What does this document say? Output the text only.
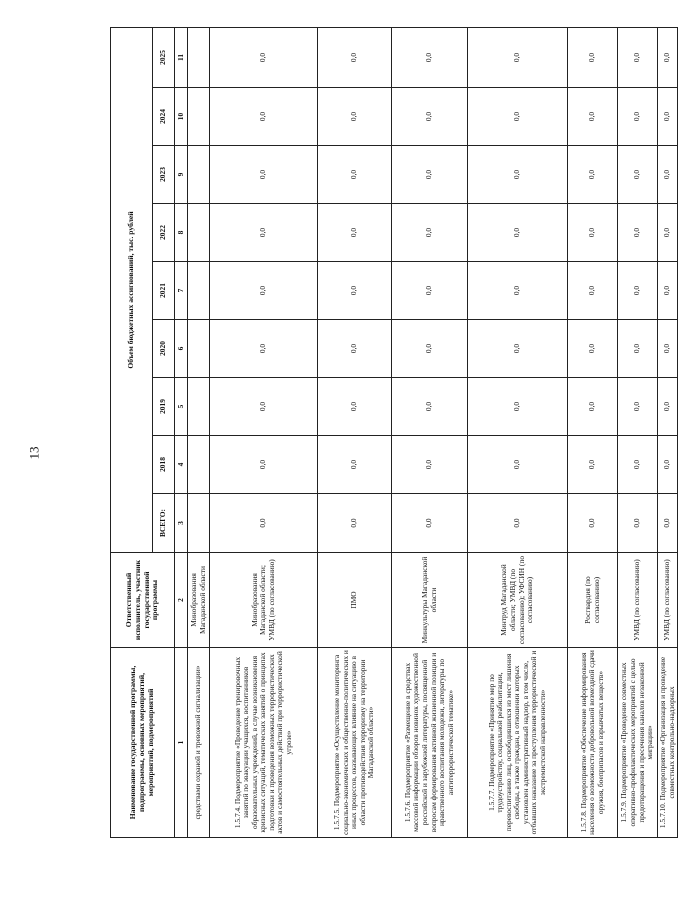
13
Наименование государственной программы, подпрограммы, основных мероприятий, мероприятий, подмероприятий	Ответственный исполнитель, участник государственной программы	Объем бюджетных ассигнований, тыс. рублей								
		ВСЕГО:	2018	2019	2020	2021	2022	2023	2024	2025
1	2	3	4	5	6	7	8	9	10	11
средствами охраной и тревожной сигнализации»	Минобразования Магаданской области									
1.5.7.4. Подмероприятие «Проведение тренировочных занятий по эвакуации учащихся, воспитанников образовательных учреждений, в случае возникновения кризисных ситуаций, тематических занятий о принципах подготовки и проведения возможных террористических актов и самостоятельных действий при террористической угрозе»	Минобразования Магаданской области; УМВД (по согласованию)	0,0	0,0	0,0	0,0	0,0	0,0	0,0	0,0	0,0
1.5.7.5. Подмероприятие «Осуществление мониторинга социально-экономических и общественно-политических и иных процессов, оказывающих влияние на ситуацию в области противодействия терроризму на территории Магаданской области»	ПМО	0,0	0,0	0,0	0,0	0,0	0,0	0,0	0,0	0,0
1.5.7.6. Подмероприятие «Размещение в средствах массовой информации обзоров новинок художественной российской и зарубежной литературы, посвященной вопросам формирования активной жизненной позиции и нравственного воспитания молодежи, литературы по антитеррористической тематике»	Минкультуры Магаданской области	0,0	0,0	0,0	0,0	0,0	0,0	0,0	0,0	0,0
1.5.7.7. Подмероприятие «Принятие мер по трудоустройству, социальной реабилитации, перевоспитанию лиц, освободившихся из мест лишения свободы, а также граждан, в отношении которых установлен административный надзор, в том числе, отбывших наказание за преступления террористической и экстремистской направленности»	Минтруд Магаданской области; УМВД (по согласованию); УФСИН (по согласованию)	0,0	0,0	0,0	0,0	0,0	0,0	0,0	0,0	0,0
1.5.7.8. Подмероприятие «Обеспечение информирования населения о возможности добровольной возмездной сдачи оружия, боеприпасов и взрывчатых веществ»	Росгвардия (по согласованию)	0,0	0,0	0,0	0,0	0,0	0,0	0,0	0,0	0,0
1.5.7.9. Подмероприятие «Проведение совместных оперативно-профилактических мероприятий с целью предотвращения и пресечения каналов незаконной миграции»	УМВД (по согласованию)	0,0	0,0	0,0	0,0	0,0	0,0	0,0	0,0	0,0
1.5.7.10. Подмероприятие «Организация и проведение совместных контрольно-надзорных	УМВД (по согласованию)	0,0	0,0	0,0	0,0	0,0	0,0	0,0	0,0	0,0
